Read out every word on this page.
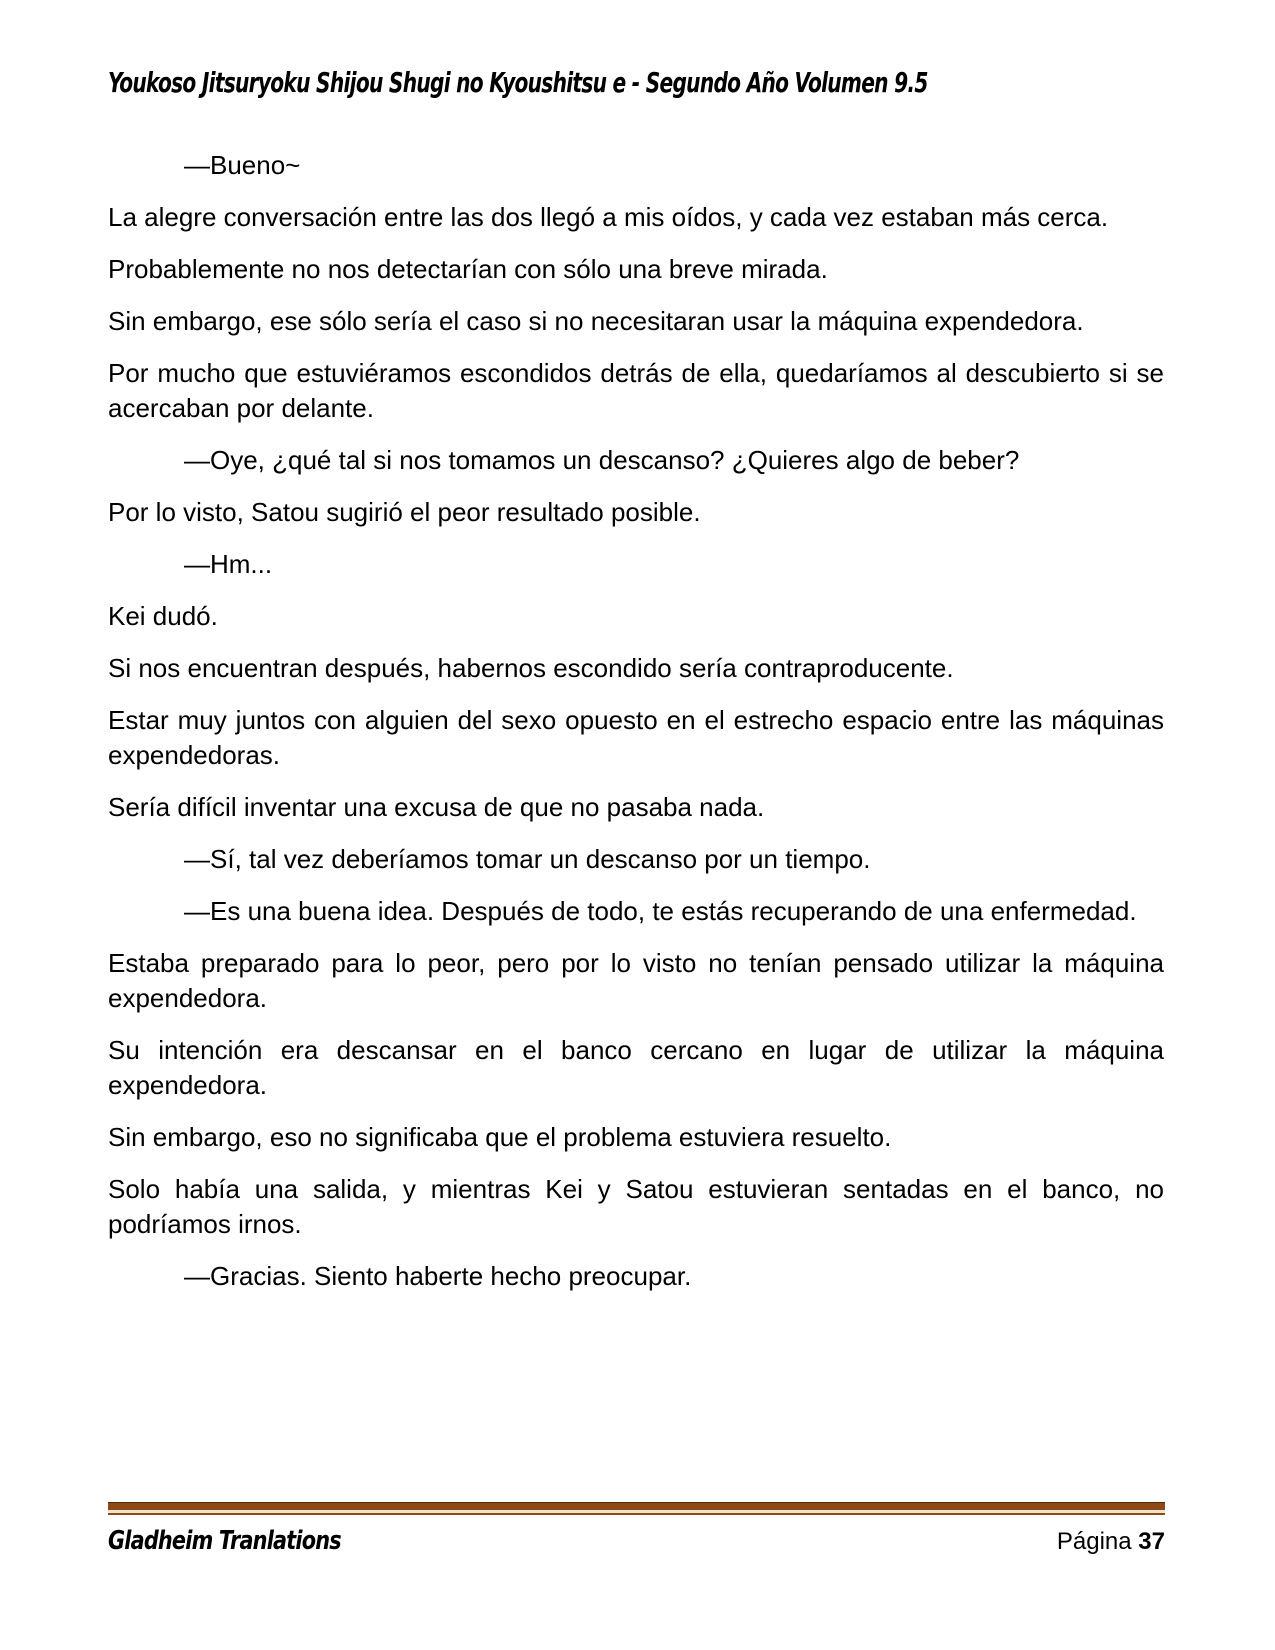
Youkoso Jitsuryoku Shijou Shugi no Kyoushitsu e - Segundo Año Volumen 9.5

—Bueno~

La alegre conversación entre las dos llegó a mis oídos, y cada vez estaban más cerca.

Probablemente no nos detectarían con sólo una breve mirada.

Sin embargo, ese sólo sería el caso si no necesitaran usar la máquina expendedora.

Por mucho que estuviéramos escondidos detrás de ella, quedaríamos al descubierto si se acercaban por delante.

—Oye, ¿qué tal si nos tomamos un descanso? ¿Quieres algo de beber?

Por lo visto, Satou sugirió el peor resultado posible.

—Hm...

Kei dudó.

Si nos encuentran después, habernos escondido sería contraproducente.

Estar muy juntos con alguien del sexo opuesto en el estrecho espacio entre las máquinas expendedoras.

Sería difícil inventar una excusa de que no pasaba nada.

—Sí, tal vez deberíamos tomar un descanso por un tiempo.

—Es una buena idea. Después de todo, te estás recuperando de una enfermedad.

Estaba preparado para lo peor, pero por lo visto no tenían pensado utilizar la máquina expendedora.

Su intención era descansar en el banco cercano en lugar de utilizar la máquina expendedora.

Sin embargo, eso no significaba que el problema estuviera resuelto.

Solo había una salida, y mientras Kei y Satou estuvieran sentadas en el banco, no podríamos irnos.

—Gracias. Siento haberte hecho preocupar.

Gladheim Tranlations	Página 37
